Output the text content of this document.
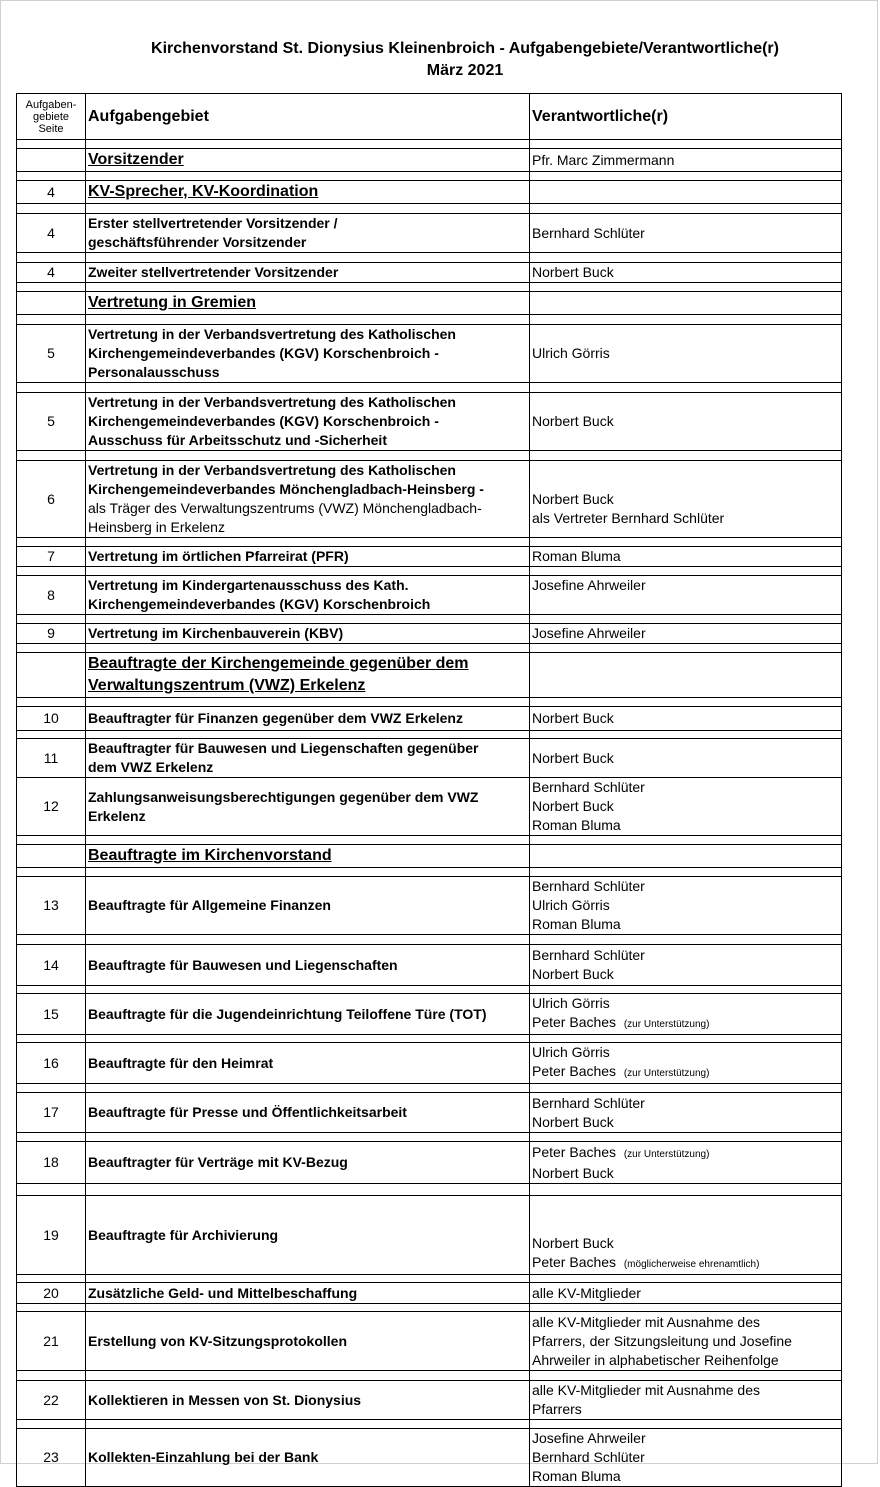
Kirchenvorstand St. Dionysius Kleinenbroich - Aufgabengebiete/Verantwortliche(r)
März 2021
Aufgaben-
gebiete
Seite	Aufgabengebiet	Verantwortliche(r)

	Vorsitzender	Pfr. Marc Zimmermann

4	KV-Sprecher, KV-Koordination	

4	Erster stellvertretender Vorsitzender /
geschäftsführender Vorsitzender	Bernhard Schlüter

4	Zweiter stellvertretender Vorsitzender	Norbert Buck

	Vertretung in Gremien	

5	Vertretung in der Verbandsvertretung des Katholischen
Kirchengemeindeverbandes (KGV) Korschenbroich -
Personalausschuss	Ulrich Görris

5	Vertretung in der Verbandsvertretung des Katholischen
Kirchengemeindeverbandes (KGV) Korschenbroich -
Ausschuss für Arbeitsschutz und -Sicherheit	Norbert Buck

6	Vertretung in der Verbandsvertretung des Katholischen
Kirchengemeindeverbandes Mönchengladbach-Heinsberg -
als Träger des Verwaltungszentrums (VWZ) Mönchengladbach-
Heinsberg in Erkelenz	Norbert Buck
als Vertreter Bernhard Schlüter

7	Vertretung im örtlichen Pfarreirat (PFR)	Roman Bluma

8	Vertretung im Kindergartenausschuss des Kath.
Kirchengemeindeverbandes (KGV) Korschenbroich	Josefine Ahrweiler

9	Vertretung im Kirchenbauverein (KBV)	Josefine Ahrweiler

	Beauftragte der Kirchengemeinde gegenüber dem
Verwaltungszentrum (VWZ) Erkelenz	

10	Beauftragter für Finanzen gegenüber dem VWZ Erkelenz	Norbert Buck

11	Beauftragter für Bauwesen und Liegenschaften gegenüber
dem VWZ Erkelenz	Norbert Buck

12	Zahlungsanweisungsberechtigungen gegenüber dem VWZ
Erkelenz	Bernhard Schlüter
Norbert Buck
Roman Bluma

	Beauftragte im Kirchenvorstand	

13	Beauftragte für Allgemeine Finanzen	Bernhard Schlüter
Ulrich Görris
Roman Bluma

14	Beauftragte für Bauwesen und Liegenschaften	Bernhard Schlüter
Norbert Buck

15	Beauftragte für die Jugendeinrichtung Teiloffene Türe (TOT)	Ulrich Görris
Peter Baches (zur Unterstützung)

16	Beauftragte für den Heimrat	Ulrich Görris
Peter Baches (zur Unterstützung)

17	Beauftragte für Presse und Öffentlichkeitsarbeit	Bernhard Schlüter
Norbert Buck

18	Beauftragter für Verträge mit KV-Bezug	Peter Baches (zur Unterstützung)
Norbert Buck

19	Beauftragte für Archivierung	Norbert Buck
Peter Baches (möglicherweise ehrenamtlich)

20	Zusätzliche Geld- und Mittelbeschaffung	alle KV-Mitglieder

21	Erstellung von KV-Sitzungsprotokollen	alle KV-Mitglieder mit Ausnahme des
Pfarrers, der Sitzungsleitung und Josefine
Ahrweiler in alphabetischer Reihenfolge

22	Kollektieren in Messen von St. Dionysius	alle KV-Mitglieder mit Ausnahme des
Pfarrers

23	Kollekten-Einzahlung bei der Bank	Josefine Ahrweiler
Bernhard Schlüter
Roman Bluma
